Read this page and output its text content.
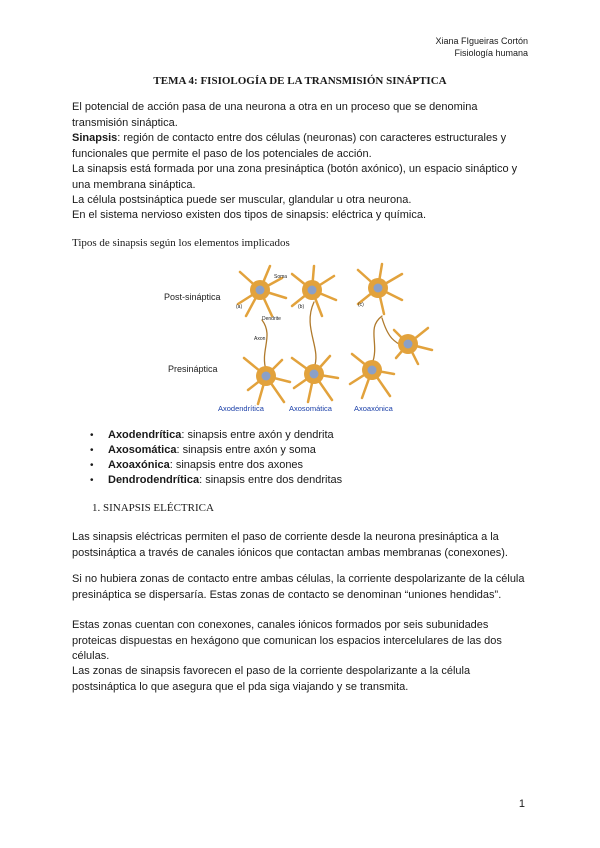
Xiana FIgueiras Cortón
Fisiología humana
TEMA 4: FISIOLOGÍA DE LA TRANSMISIÓN SINÁPTICA

El potencial de acción pasa de una neurona a otra en un proceso que se denomina transmisión sináptica.

Sinapsis: región de contacto entre dos células (neuronas) con caracteres estructurales y funcionales que permite el paso de los potenciales de acción.

La sinapsis está formada por una zona presináptica (botón axónico), un espacio sináptico y una membrana sináptica.

La célula postsináptica puede ser muscular, glandular u otra neurona.

En el sistema nervioso existen dos tipos de sinapsis: eléctrica y química.

Tipos de sinapsis según los elementos implicados
Post-sináptica
Presináptica
Soma
Dendrite
Axon
(a)	(b)	(c)
Axodendrítica	Axosomática	Axoaxónica
• Axodendrítica: sinapsis entre axón y dendrita
• Axosomática: sinapsis entre axón y soma
• Axoaxónica: sinapsis entre dos axones
• Dendrodendrítica: sinapsis entre dos dendritas
1. SINAPSIS ELÉCTRICA

Las sinapsis eléctricas permiten el paso de corriente desde la neurona presináptica a la postsináptica a través de canales iónicos que contactan ambas membranas (conexones).

Si no hubiera zonas de contacto entre ambas células, la corriente despolarizante de la célula presináptica se dispersaría. Estas zonas de contacto se denominan “uniones hendidas”.

Estas zonas cuentan con conexones, canales iónicos formados por seis subunidades proteicas dispuestas en hexágono que comunican los espacios intercelulares de las dos células.

Las zonas de sinapsis favorecen el paso de la corriente despolarizante a la célula postsináptica lo que asegura que el pda siga viajando y se transmita.

1
